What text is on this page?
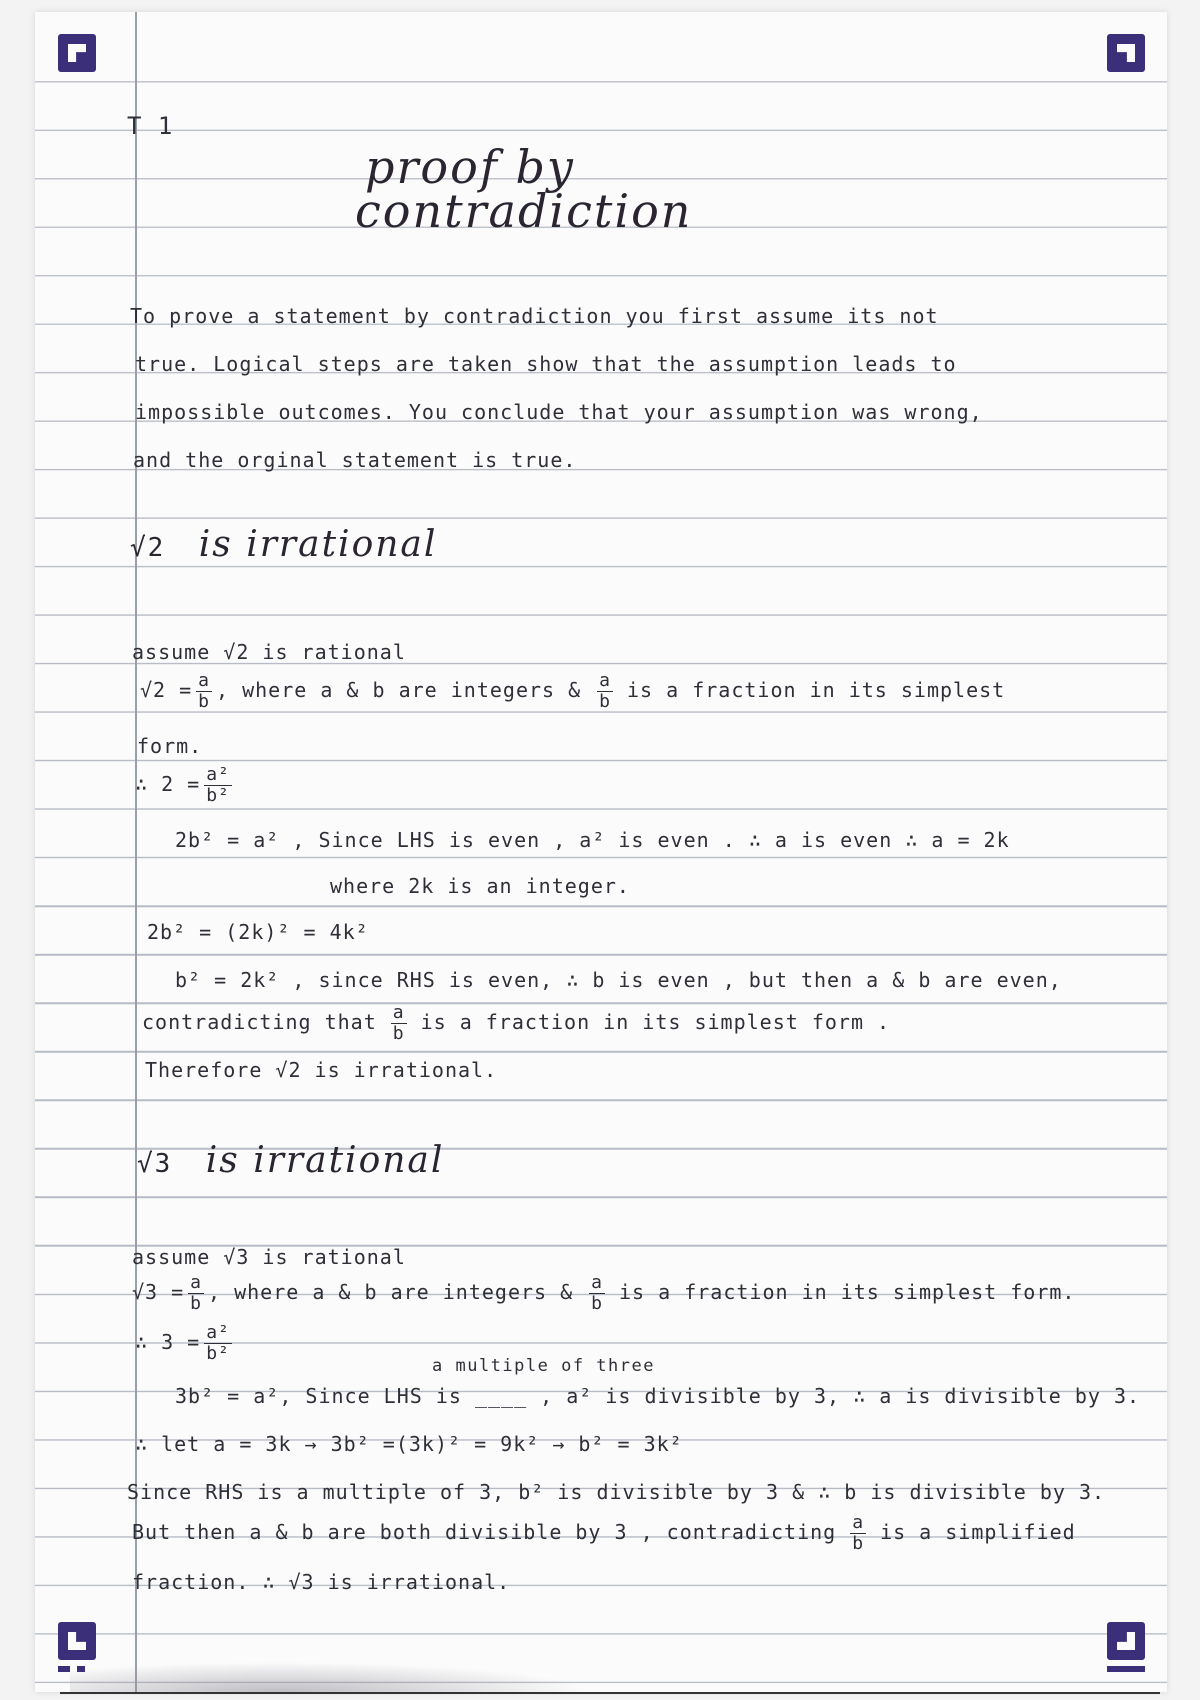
T 1
proof by
contradiction
To prove a statement by contradiction you first assume its not
true. Logical steps are taken show that the assumption leads to
impossible outcomes. You conclude that your assumption was wrong,
and the orginal statement is true.
√2 is irrational
assume √2 is rational
$√2 = \frac{a}{b}$ , where a & b are integers & $\frac{a}{b}$ is a fraction in its simplest
form.
∴ $2 = \frac{\text{a²}}{\text{b²}}$
2b² = a² , Since LHS is even , a² is even . ∴ a is even ∴ a = 2k
where 2k is an integer.
2b² = (2k)² = 4k²
b² = 2k² , since RHS is even, ∴ b is even , but then a & b are even,
contradicting that $\frac{a}{b}$ is a fraction in its simplest form .
Therefore √2 is irrational.
√3 is irrational
assume √3 is rational
$√3 = \frac{a}{b}$ , where a & b are integers & $\frac{a}{b}$ is a fraction in its simplest form.
∴ $3 = \frac{\text{a²}}{\text{b²}}$
a multiple of three
3b² = a², Since LHS is ____ , a² is divisible by 3, ∴ a is divisible by 3.
∴ let a = 3k → 3b² =(3k)² = 9k² → b² = 3k²
Since RHS is a multiple of 3, b² is divisible by 3 & ∴ b is divisible by 3.
But then a & b are both divisible by 3 , contradicting $\frac{a}{b}$ is a simplified
fraction. ∴ √3 is irrational.
